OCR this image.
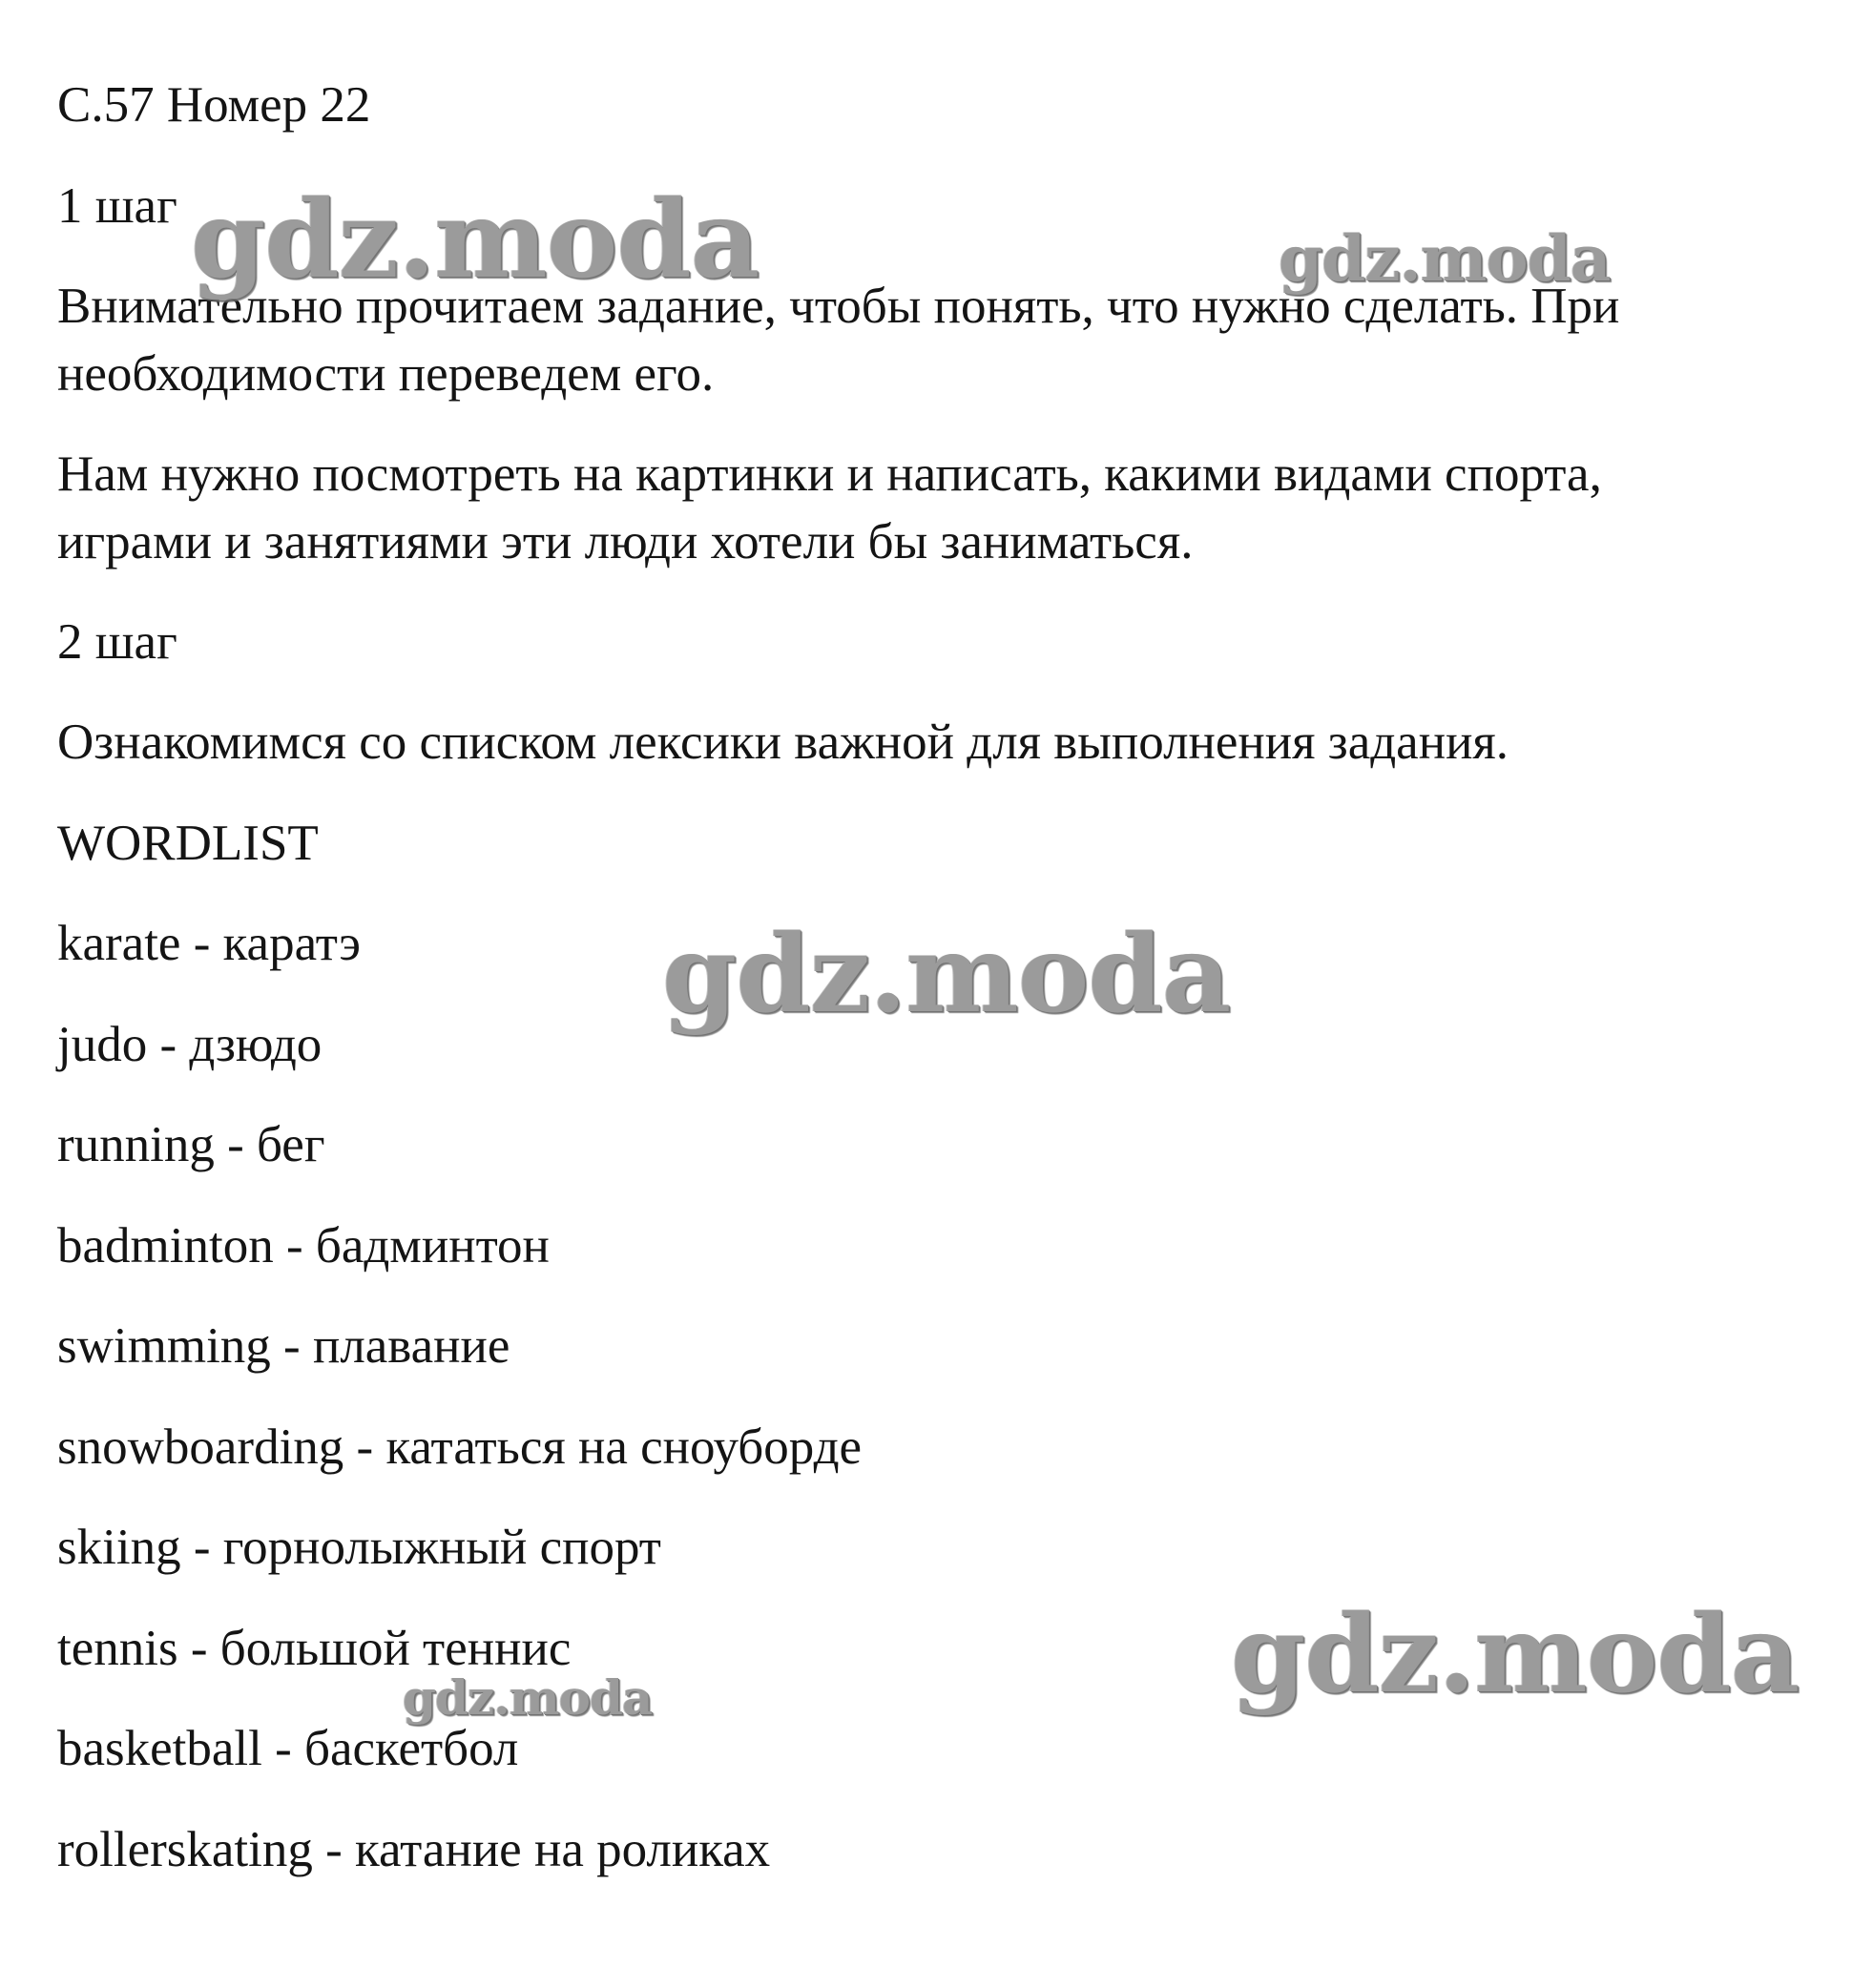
С.57 Номер 22
1 шаг
Внимательно прочитаем задание, чтобы понять, что нужно сделать. При
необходимости переведем его.
Нам нужно посмотреть на картинки и написать, какими видами спорта,
играми и занятиями эти люди хотели бы заниматься.
2 шаг
Ознакомимся со списком лексики важной для выполнения задания.
WORDLIST
karate - каратэ
judo - дзюдо
running - бег
badminton - бадминтон
swimming - плавание
snowboarding - кататься на сноуборде
skiing - горнолыжный спорт
tennis - большой теннис
basketball - баскетбол
rollerskating - катание на роликах
gdz.moda	gdz.moda
gdz.moda
gdz.moda
gdz.moda
